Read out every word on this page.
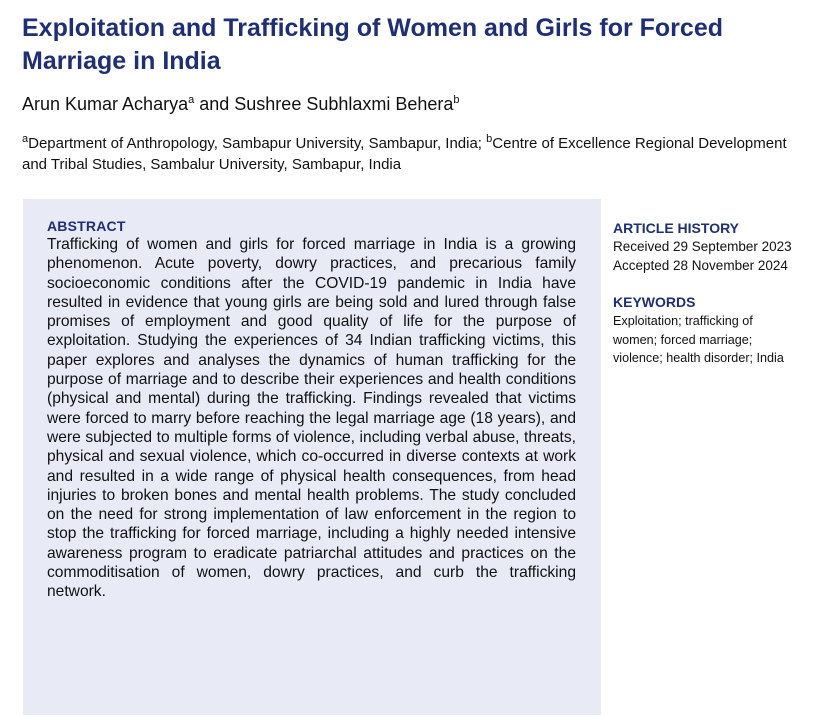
Exploitation and Trafficking of Women and Girls for Forced Marriage in India
Arun Kumar Acharya$^a$ and Sushree Subhlaxmi Behera$^b$
$^a$Department of Anthropology, Sambapur University, Sambapur, India; $^b$Centre of Excellence Regional Development and Tribal Studies, Sambalur University, Sambapur, India
ABSTRACT

Trafficking of women and girls for forced marriage in India is a growing phenomenon. Acute poverty, dowry practices, and precarious family socioeconomic conditions after the COVID-19 pandemic in India have resulted in evidence that young girls are being sold and lured through false promises of employment and good quality of life for the purpose of exploitation. Studying the experiences of 34 Indian trafficking victims, this paper explores and analyses the dynamics of human trafficking for the purpose of marriage and to describe their experiences and health conditions (physical and mental) during the trafficking. Findings revealed that victims were forced to marry before reaching the legal marriage age (18 years), and were subjected to multiple forms of violence, including verbal abuse, threats, physical and sexual violence, which co-occurred in diverse contexts at work and resulted in a wide range of physical health consequences, from head injuries to broken bones and mental health problems. The study concluded on the need for strong implementation of law enforcement in the region to stop the trafficking for forced marriage, including a highly needed intensive awareness program to eradicate patriarchal attitudes and practices on the commoditisation of women, dowry practices, and curb the trafficking network.

ARTICLE HISTORY
Received 29 September 2023
Accepted 28 November 2024
KEYWORDS
Exploitation; trafficking of women; forced marriage; violence; health disorder; India
